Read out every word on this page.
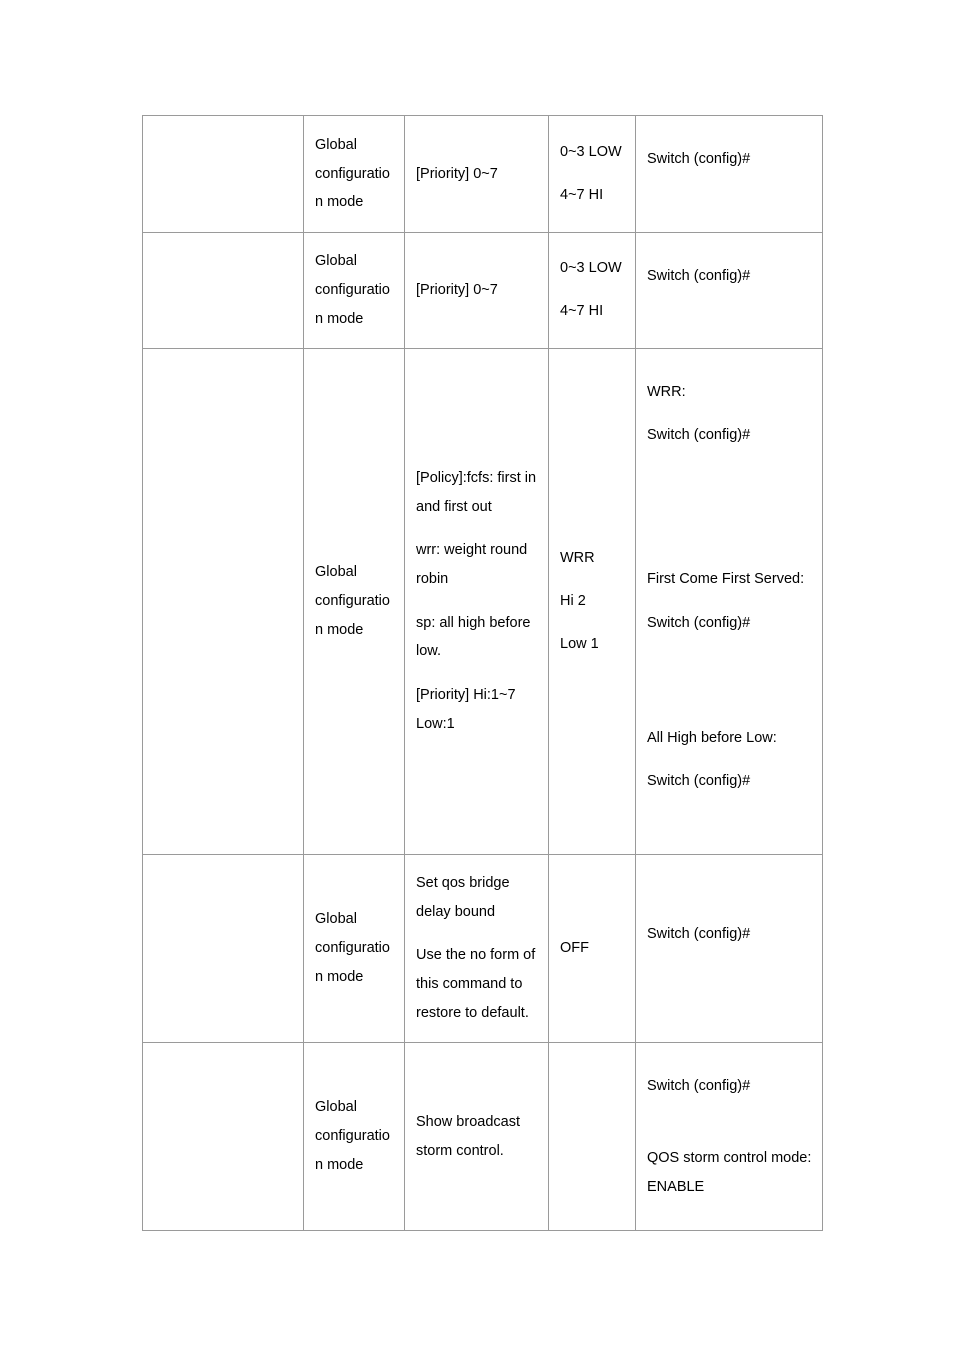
Global
configuratio
n mode
[Priority] 0~7
0~3 LOW
4~7 HI
Switch (config)#
Global
configuratio
n mode
[Priority] 0~7
0~3 LOW
4~7 HI
Switch (config)#
Global
configuratio
n mode
[Policy]:fcfs: first in
and first out
wrr: weight round
robin
sp: all high before
low.
[Priority] Hi:1~7
Low:1
WRR
Hi 2
Low 1
WRR:
Switch (config)#
First Come First Served:
Switch (config)#
All High before Low:
Switch (config)#
Global
configuratio
n mode
Set qos bridge
delay bound
Use the no form of
this command to
restore to default.
OFF
Switch (config)#
Global
configuratio
n mode
Show broadcast
storm control.
Switch (config)#
QOS storm control mode:
ENABLE
